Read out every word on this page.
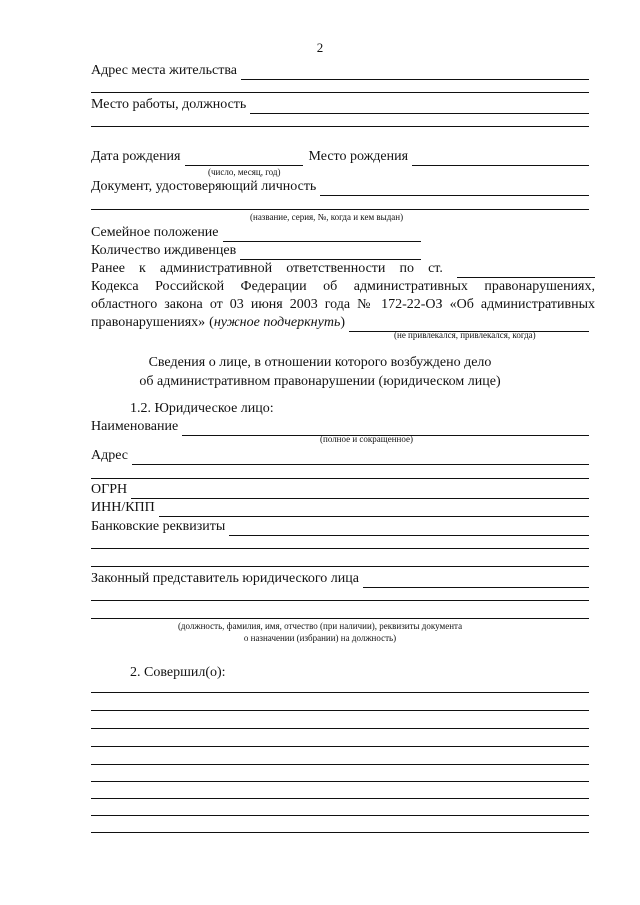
2
Адрес места жительства
Место работы, должность
Дата рождения	Место рождения
(число, месяц, год)
Документ, удостоверяющий личность
(название, серия, №, когда и кем выдан)
Семейное положение
Количество иждивенцев
Ранее к административной ответственности по ст.
Кодекса Российской Федерации об административных правонарушениях,
областного закона от 03 июня 2003 года № 172-22-ОЗ «Об административных
правонарушениях» ( нужное подчеркнуть )
(не привлекался, привлекался, когда)
Сведения о лице, в отношении которого возбуждено дело
об административном правонарушении (юридическом лице)
1.2. Юридическое лицо:
Наименование
(полное и сокращенное)
Адрес
ОГРН
ИНН/КПП
Банковские реквизиты
Законный представитель юридического лица
(должность, фамилия, имя, отчество (при наличии), реквизиты документа
о назначении (избрании) на должность)
2. Совершил(о):
